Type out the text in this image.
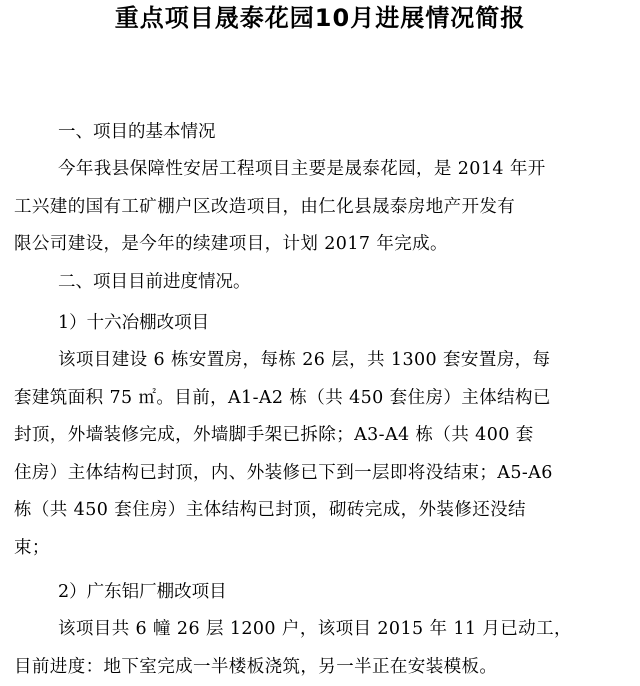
重点项目晟泰花园10月进展情况简报
一、项目的基本情况
今年我县保障性安居工程项目主要是晟泰花园，是 2014 年开
工兴建的国有工矿棚户区改造项目，由仁化县晟泰房地产开发有
限公司建设，是今年的续建项目，计划 2017 年完成。
二、项目目前进度情况。
1）十六冶棚改项目
该项目建设 6 栋安置房，每栋 26 层，共 1300 套安置房，每
套建筑面积 75 ㎡。目前，A1-A2 栋（共 450 套住房）主体结构已
封顶，外墙装修完成，外墙脚手架已拆除；A3-A4 栋（共 400 套
住房）主体结构已封顶，内、外装修已下到一层即将没结束；A5-A6
栋（共 450 套住房）主体结构已封顶，砌砖完成，外装修还没结
束；
2）广东铝厂棚改项目
该项目共 6 幢 26 层 1200 户，该项目 2015 年 11 月已动工，
目前进度：地下室完成一半楼板浇筑，另一半正在安装模板。
